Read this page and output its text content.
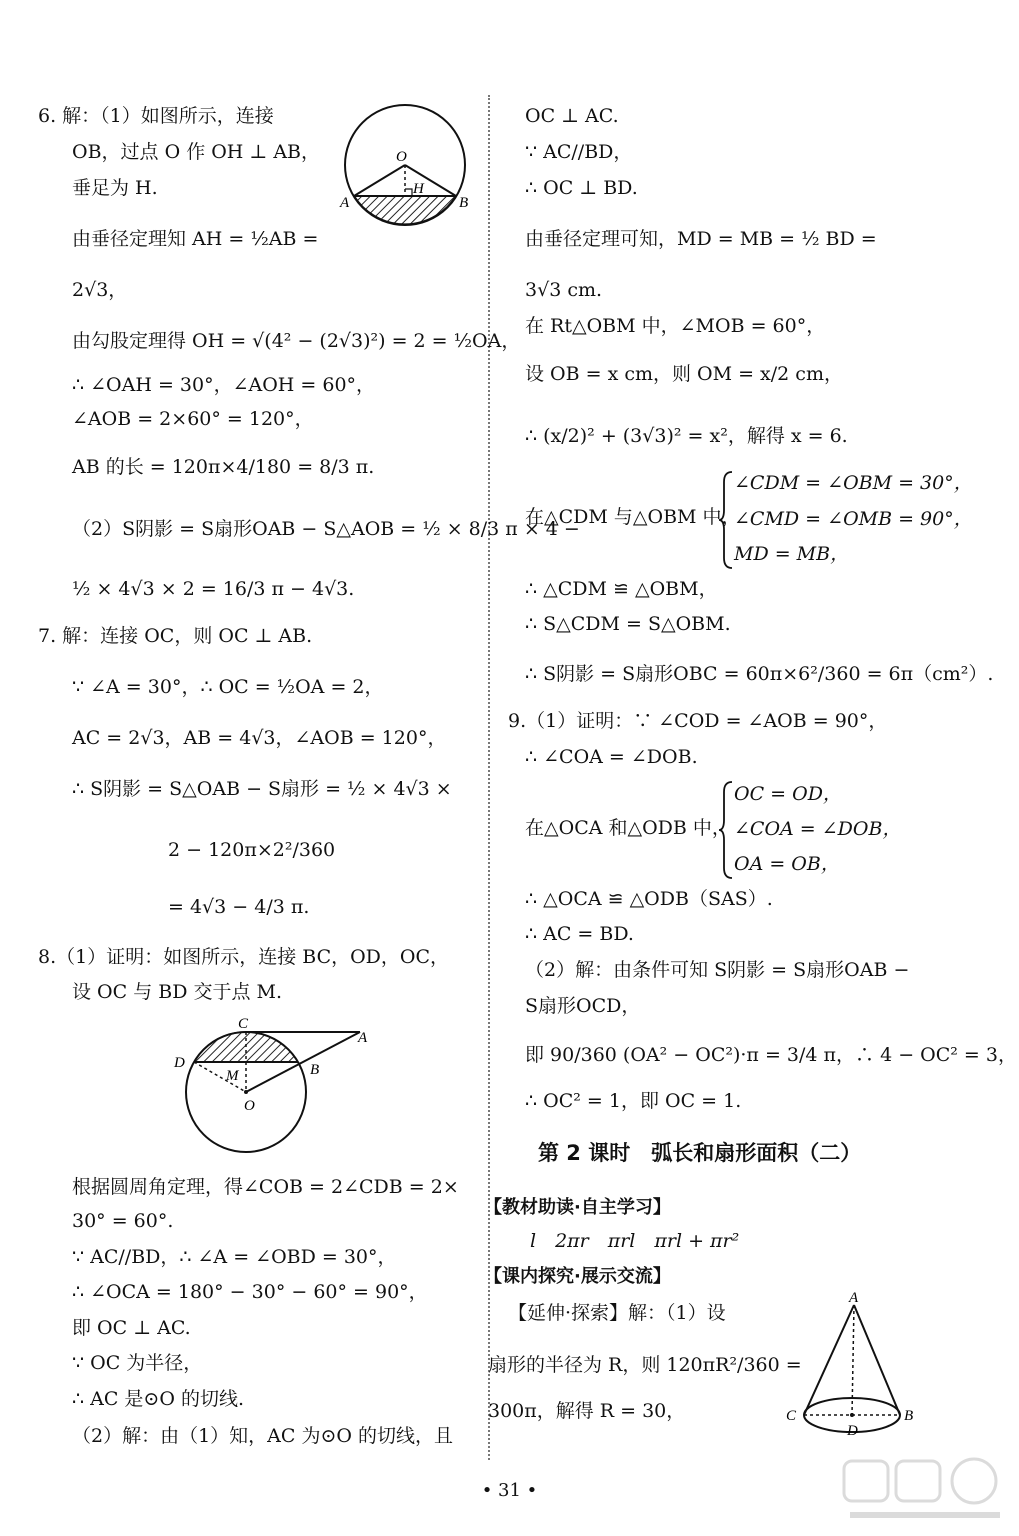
6. 解：（1）如图所示，连接
OB，过点 O 作 OH ⊥ AB，
垂足为 H.
由垂径定理知 AH = ½AB =
2√3，
由勾股定理得 OH = √(4² − (2√3)²) = 2 = ½OA，
∴ ∠OAH = 30°，∠AOH = 60°，
∠AOB = 2×60° = 120°，
AB 的长 = 120π×4/180 = 8/3 π.
（2）S阴影 = S扇形OAB − S△AOB = ½ × 8/3 π × 4 −
½ × 4√3 × 2 = 16/3 π − 4√3.
7. 解：连接 OC，则 OC ⊥ AB.
∵ ∠A = 30°，∴ OC = ½OA = 2，
AC = 2√3，AB = 4√3，∠AOB = 120°，
∴ S阴影 = S△OAB − S扇形 = ½ × 4√3 ×
2 − 120π×2²/360
= 4√3 − 4/3 π.
8.（1）证明：如图所示，连接 BC，OD，OC，
设 OC 与 BD 交于点 M.
根据圆周角定理，得∠COB = 2∠CDB = 2×
30° = 60°.
∵ AC//BD，∴ ∠A = ∠OBD = 30°，
∴ ∠OCA = 180° − 30° − 60° = 90°，
即 OC ⊥ AC.
∵ OC 为半径，
∴ AC 是⊙O 的切线.
（2）解：由（1）知，AC 为⊙O 的切线，且
O
H
A	B
C
A
D
M	B
O
OC ⊥ AC.
∵ AC//BD，
∴ OC ⊥ BD.
由垂径定理可知，MD = MB = ½ BD =
3√3 cm.
在 Rt△OBM 中，∠MOB = 60°，
设 OB = x cm，则 OM = x/2 cm，
∴ (x/2)² + (3√3)² = x²，解得 x = 6.
在△CDM 与△OBM 中，
∠CDM = ∠OBM = 30°，
∠CMD = ∠OMB = 90°，
MD = MB，
∴ △CDM ≌ △OBM，
∴ S△CDM = S△OBM.
∴ S阴影 = S扇形OBC = 60π×6²/360 = 6π（cm²）.
9.（1）证明：∵ ∠COD = ∠AOB = 90°，
∴ ∠COA = ∠DOB.
在△OCA 和△ODB 中，
OC = OD，
∠COA = ∠DOB，
OA = OB，
∴ △OCA ≌ △ODB（SAS）.
∴ AC = BD.
（2）解：由条件可知 S阴影 = S扇形OAB −
S扇形OCD，
即 90/360 (OA² − OC²)·π = 3/4 π，∴ 4 − OC² = 3，
∴ OC² = 1，即 OC = 1.
第 2 课时　弧长和扇形面积（二）
【教材助读·自主学习】
l　2πr　πrl　πrl + πr²
【课内探究·展示交流】
【延伸·探索】解：（1）设
扇形的半径为 R，则 120πR²/360 =
300π，解得 R = 30，
A
C
D
B
• 31 •
